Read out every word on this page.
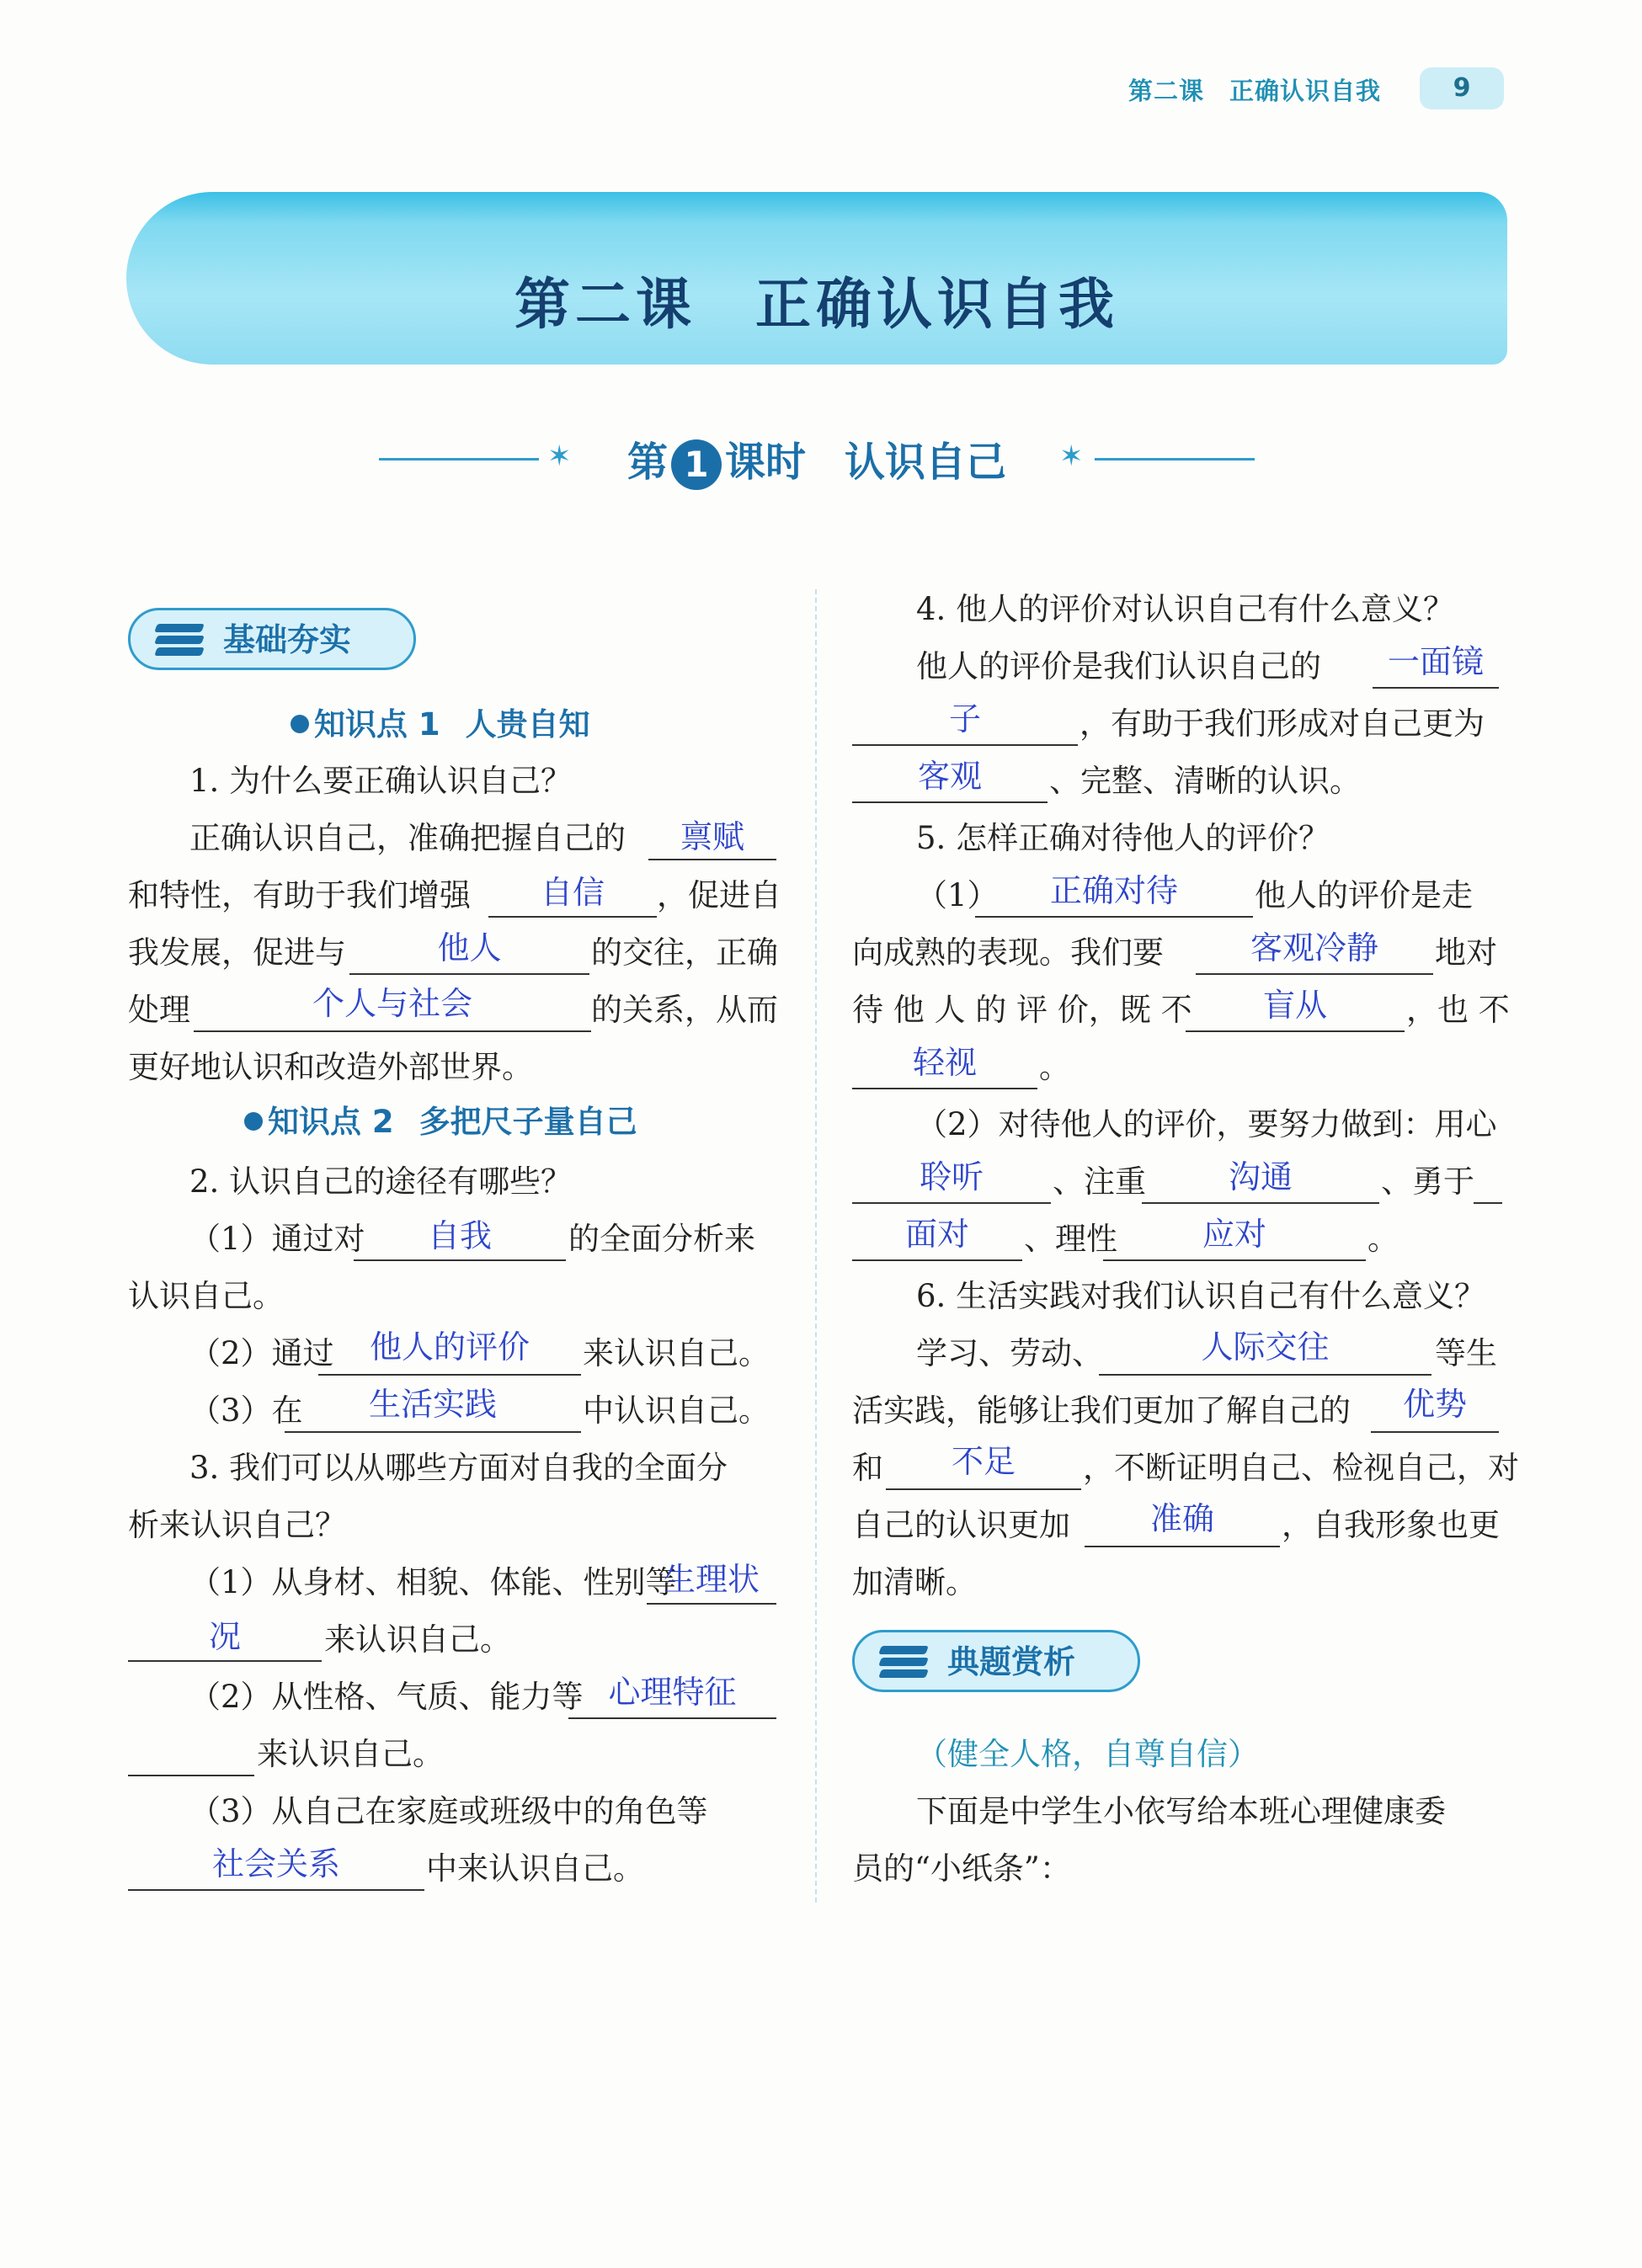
第二课 正确认识自我	9
第二课 正确认识自我
✶	第 1 课时 认识自己	✶
基础夯实
知识点 1 人贵自知
1. 为什么要正确认识自己？
正确认识自己，准确把握自己的	禀赋
和特性，有助于我们增强	自信	，促进自
我发展，促进与	他人	的交往，正确
处理	个人与社会	的关系，从而
更好地认识和改造外部世界。
知识点 2 多把尺子量自己
2. 认识自己的途径有哪些？
（1）通过对	自我	的全面分析来
认识自己。
（2）通过	他人的评价	来认识自己。
（3）在	生活实践	中认识自己。
3. 我们可以从哪些方面对自我的全面分
析来认识自己？
（1）从身材、相貌、体能、性别等
生理状
况	来认识自己。
（2）从性格、气质、能力等 心理特征
来认识自己。
（3）从自己在家庭或班级中的角色等
社会关系	中来认识自己。
4. 他人的评价对认识自己有什么意义？
他人的评价是我们认识自己的	一面镜
子	，有助于我们形成对自己更为
客观	、完整、清晰的认识。
5. 怎样正确对待他人的评价？
（1）	正确对待	他人的评价是走
向成熟的表现。我们要	客观冷静	地对
待 他 人 的 评 价，既 不	盲从	，也 不
轻视	。
（2）对待他人的评价，要努力做到：用心
聆听	、注重	沟通	、勇于
面对	、理性	应对	。
6. 生活实践对我们认识自己有什么意义？
学习、劳动、	人际交往	等生
活实践，能够让我们更加了解自己的	优势
和	不足	，不断证明自己、检视自己，对
自己的认识更加	准确	，自我形象也更
加清晰。
典题赏析
（健全人格，自尊自信）
下面是中学生小依写给本班心理健康委
员的“小纸条”：
